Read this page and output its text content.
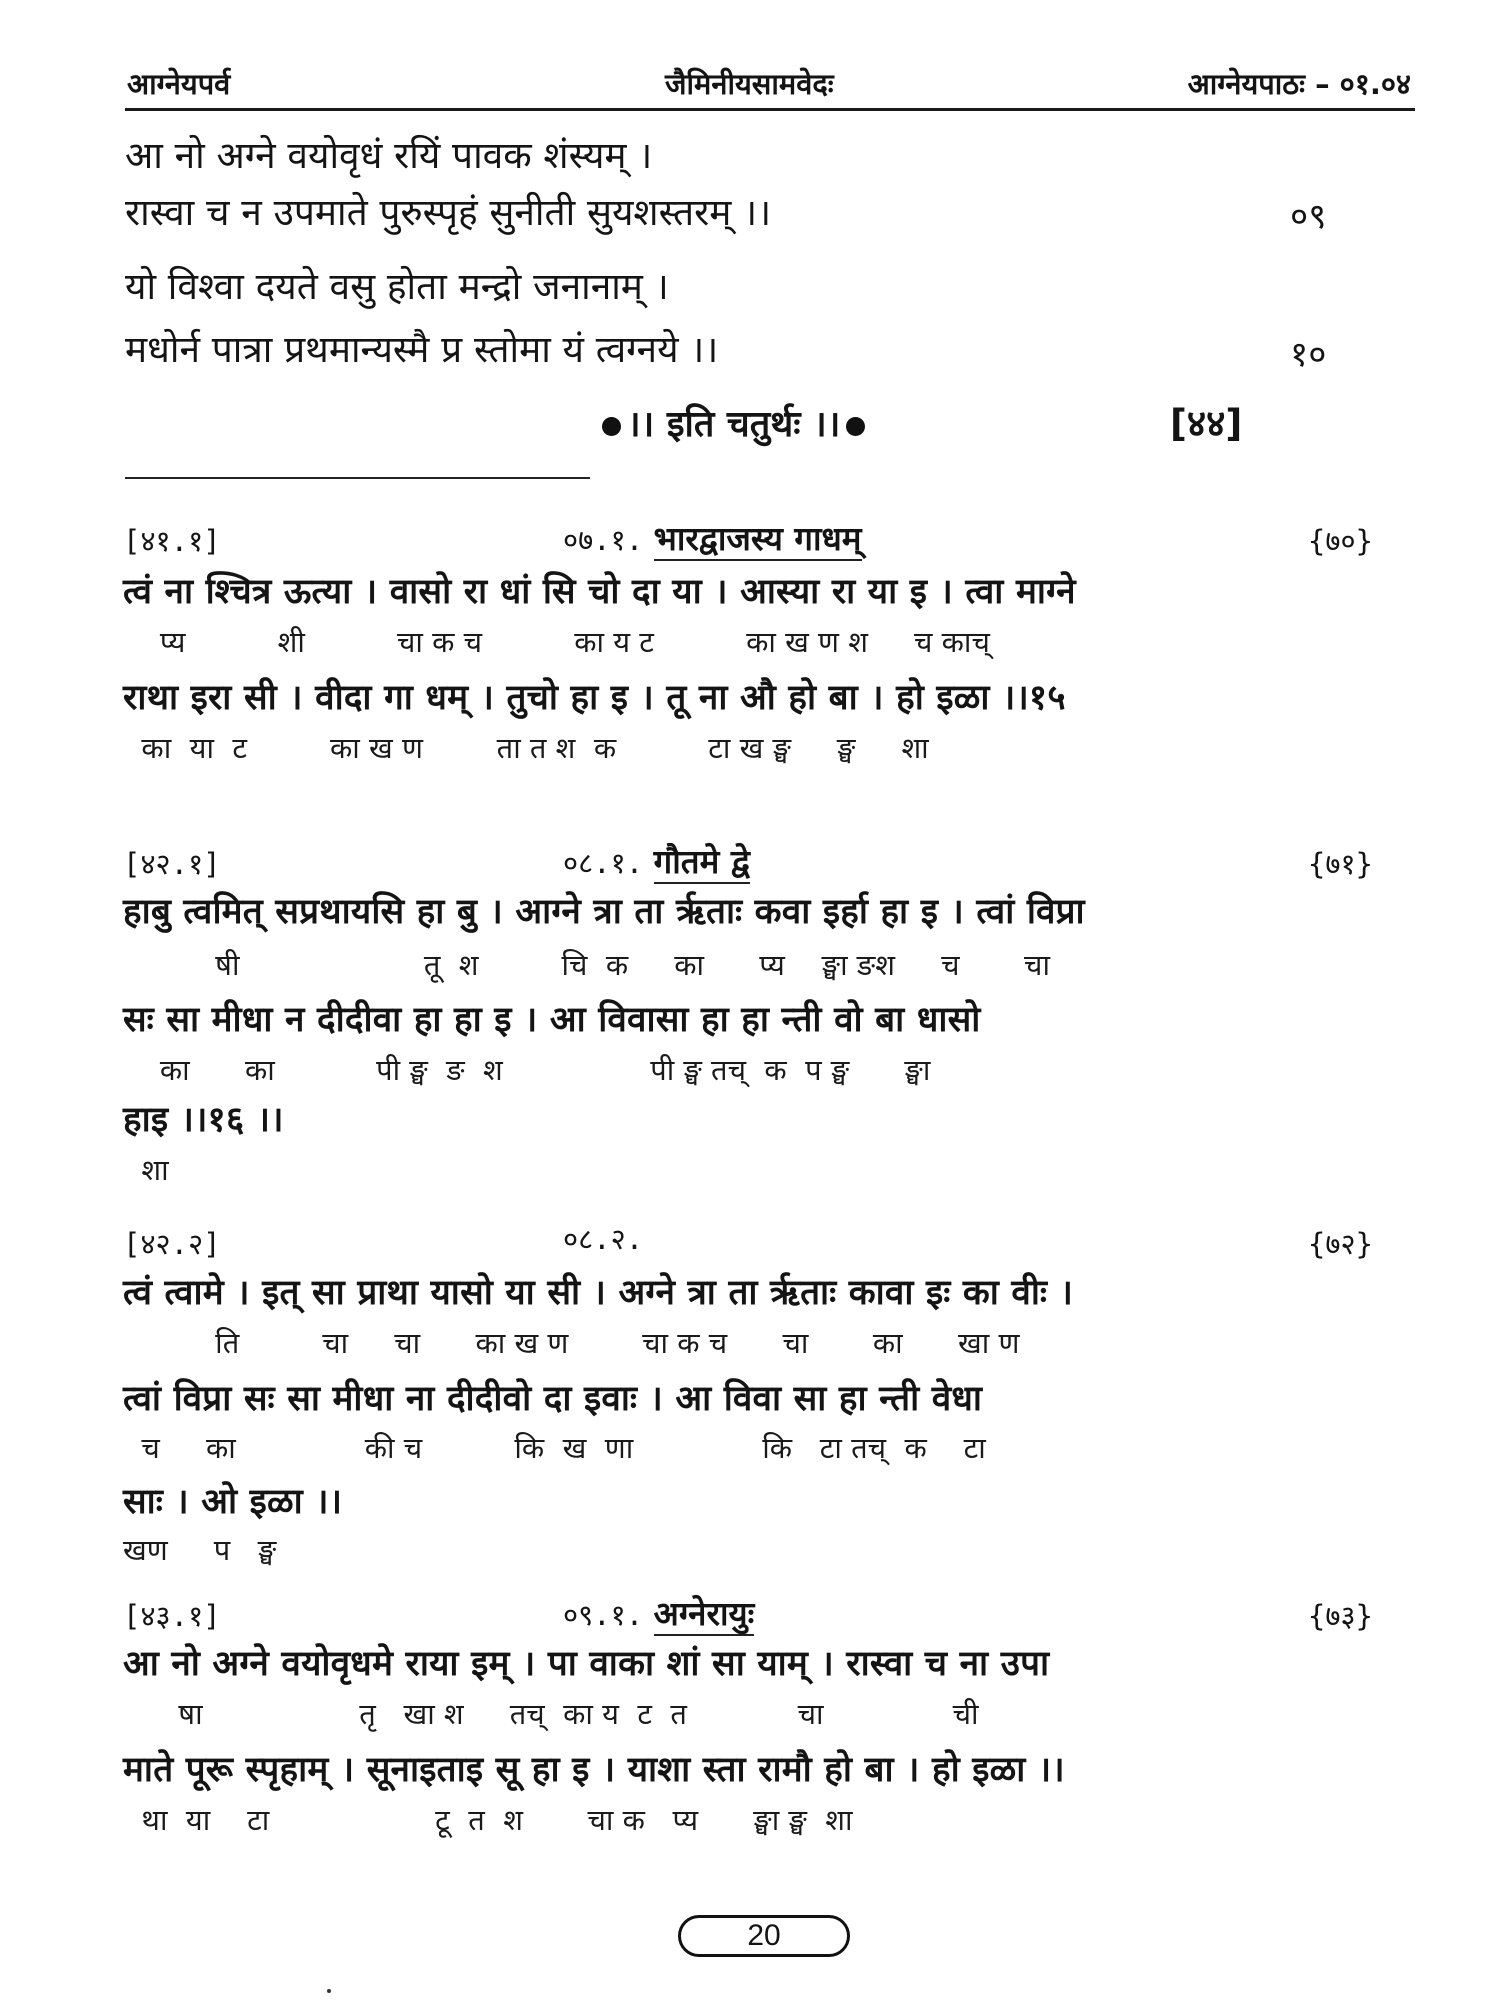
आग्नेयपर्व	जैमिनीयसामवेदः	आग्नेयपाठः – ०१.०४
आ नो अग्ने वयोवृधं रयिं पावक शंस्यम् ।
रास्वा च न उपमाते पुरुस्पृहं सुनीती सुयशस्तरम् ।।	०९
यो विश्वा दयते वसु होता मन्द्रो जनानाम् ।
मधोर्न पात्रा प्रथमान्यस्मै प्र स्तोमा यं त्वग्नये ।।	१०
।। इति चतुर्थः ।।	[४४]
[४१.१]	०७.१. भारद्वाजस्य गाधम्	{७०}
त्वं ना श्चित्र ऊत्या । वासो रा धां सि चो दा या । आस्या रा या इ । त्वा माग्ने
प्य          शी          चा क च          का य ट          का ख ण श     च काच्
राथा इरा सी । वीदा गा धम् । तुचो हा इ । तू ना औ हो बा । हो इळा ।।१५
का  या  ट         का ख ण        ता त श  क          टा ख ङ्घ     ङ्घ     शा
[४२.१]	०८.१. गौतमे द्वे	{७१}
हाबु त्वमित् सप्रथायसि हा बु । आग्ने त्रा ता रृताः कवा इर्हा हा इ । त्वां विप्रा
षी                    तू  श         चि  क     का      प्य    ङ्घा ङश     च       चा
सः सा मीधा न दीदीवा हा हा इ । आ विवासा हा हा न्ती वो बा धासो
का      का           पी ङ्घ  ङ  श                पी ङ्घ तच्  क  प ङ्घ      ङ्घा
हाइ ।।१६ ।।
शा
[४२.२]	०८.२.	{७२}
त्वं त्वामे । इत् सा प्राथा यासो या सी । अग्ने त्रा ता रृताः कावा इः का वीः ।
ति         चा     चा      का ख ण        चा क च      चा       का      खा ण
त्वां विप्रा सः सा मीधा ना दीदीवो दा इवाः । आ विवा सा हा न्ती वेधा
च     का              की च          कि  ख  णा              कि   टा तच्  क    टा
साः । ओ इळा ।।
खण     प   ङ्घ
[४३.१]	०९.१. अग्नेरायुः	{७३}
आ नो अग्ने वयोवृधमे राया इम् । पा वाका शां सा याम् । रास्वा च ना उपा
षा                 तृ   खा श     तच्  का य  ट  त            चा              ची
माते पूरू स्पृहाम् । सूनाइताइ सू हा इ । याशा स्ता रामौ हो बा । हो इळा ।।
था  या    टा                  टू  त  श       चा क   प्य      ङ्घा ङ्घ  शा
20
